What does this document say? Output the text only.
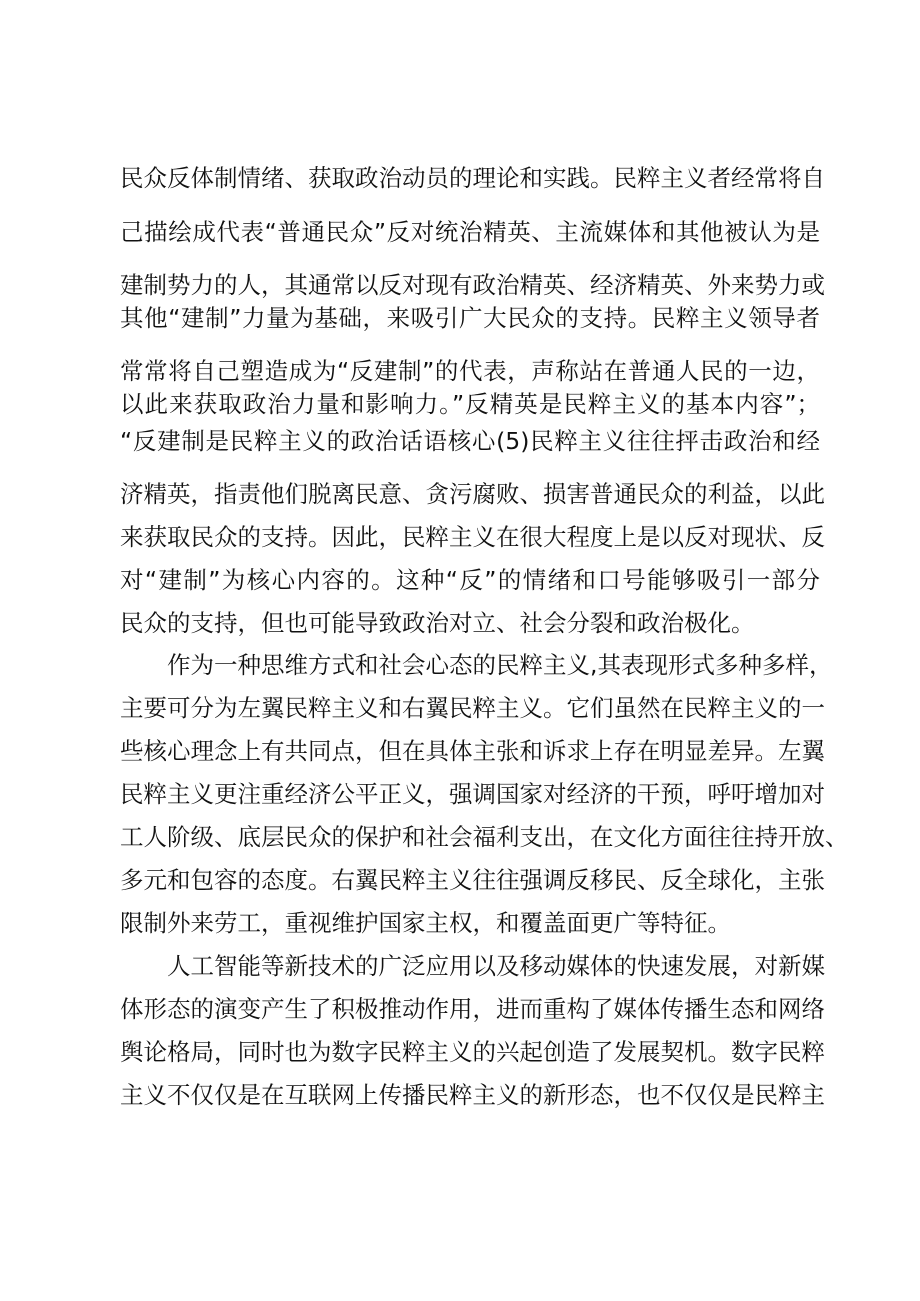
民众反体制情绪、获取政治动员的理论和实践。民粹主义者经常将自
己描绘成代表“普通民众”反对统治精英、主流媒体和其他被认为是
建制势力的人，其通常以反对现有政治精英、经济精英、外来势力或
其他“建制”力量为基础，来吸引广大民众的支持。民粹主义领导者
常常将自己塑造成为“反建制”的代表，声称站在普通人民的一边，
以此来获取政治力量和影响力。”反精英是民粹主义的基本内容”；
“反建制是民粹主义的政治话语核心(5)民粹主义往往抨击政治和经
济精英，指责他们脱离民意、贪污腐败、损害普通民众的利益，以此
来获取民众的支持。因此，民粹主义在很大程度上是以反对现状、反
对“建制”为核心内容的。这种“反”的情绪和口号能够吸引一部分
民众的支持，但也可能导致政治对立、社会分裂和政治极化。
作为一种思维方式和社会心态的民粹主义,其表现形式多种多样，
主要可分为左翼民粹主义和右翼民粹主义。它们虽然在民粹主义的一
些核心理念上有共同点，但在具体主张和诉求上存在明显差异。左翼
民粹主义更注重经济公平正义，强调国家对经济的干预，呼吁增加对
工人阶级、底层民众的保护和社会福利支出，在文化方面往往持开放、
多元和包容的态度。右翼民粹主义往往强调反移民、反全球化，主张
限制外来劳工，重视维护国家主权，和覆盖面更广等特征。
人工智能等新技术的广泛应用以及移动媒体的快速发展，对新媒
体形态的演变产生了积极推动作用，进而重构了媒体传播生态和网络
舆论格局，同时也为数字民粹主义的兴起创造了发展契机。数字民粹
主义不仅仅是在互联网上传播民粹主义的新形态，也不仅仅是民粹主
